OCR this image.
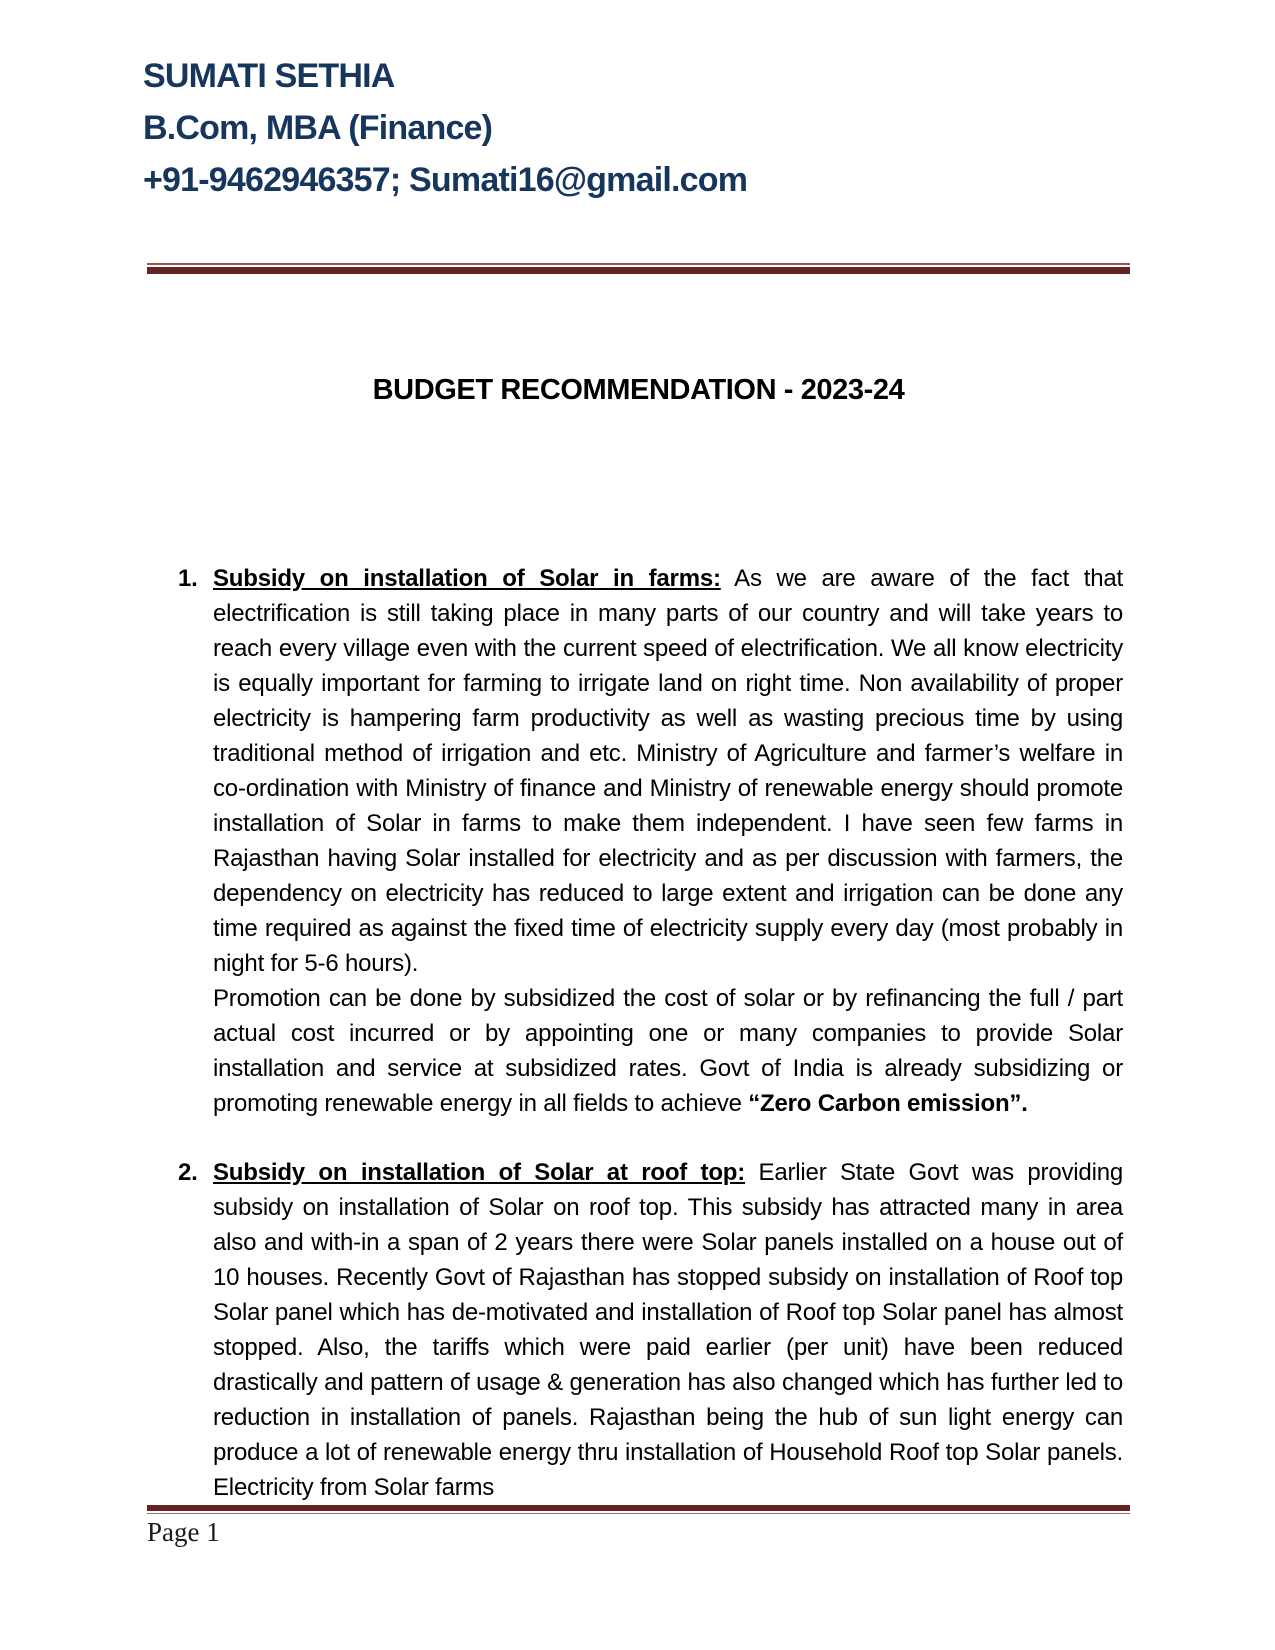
SUMATI SETHIA
B.Com, MBA (Finance)
+91-9462946357; Sumati16@gmail.com
BUDGET RECOMMENDATION - 2023-24
1. Subsidy on installation of Solar in farms: As we are aware of the fact that electrification is still taking place in many parts of our country and will take years to reach every village even with the current speed of electrification. We all know electricity is equally important for farming to irrigate land on right time. Non availability of proper electricity is hampering farm productivity as well as wasting precious time by using traditional method of irrigation and etc. Ministry of Agriculture and farmer’s welfare in co-ordination with Ministry of finance and Ministry of renewable energy should promote installation of Solar in farms to make them independent. I have seen few farms in Rajasthan having Solar installed for electricity and as per discussion with farmers, the dependency on electricity has reduced to large extent and irrigation can be done any time required as against the fixed time of electricity supply every day (most probably in night for 5-6 hours).

Promotion can be done by subsidized the cost of solar or by refinancing the full / part actual cost incurred or by appointing one or many companies to provide Solar installation and service at subsidized rates. Govt of India is already subsidizing or promoting renewable energy in all fields to achieve “Zero Carbon emission”.

2. Subsidy on installation of Solar at roof top: Earlier State Govt was providing subsidy on installation of Solar on roof top. This subsidy has attracted many in area also and with-in a span of 2 years there were Solar panels installed on a house out of 10 houses. Recently Govt of Rajasthan has stopped subsidy on installation of Roof top Solar panel which has de-motivated and installation of Roof top Solar panel has almost stopped. Also, the tariffs which were paid earlier (per unit) have been reduced drastically and pattern of usage & generation has also changed which has further led to reduction in installation of panels. Rajasthan being the hub of sun light energy can produce a lot of renewable energy thru installation of Household Roof top Solar panels. Electricity from Solar farms

Page 1
